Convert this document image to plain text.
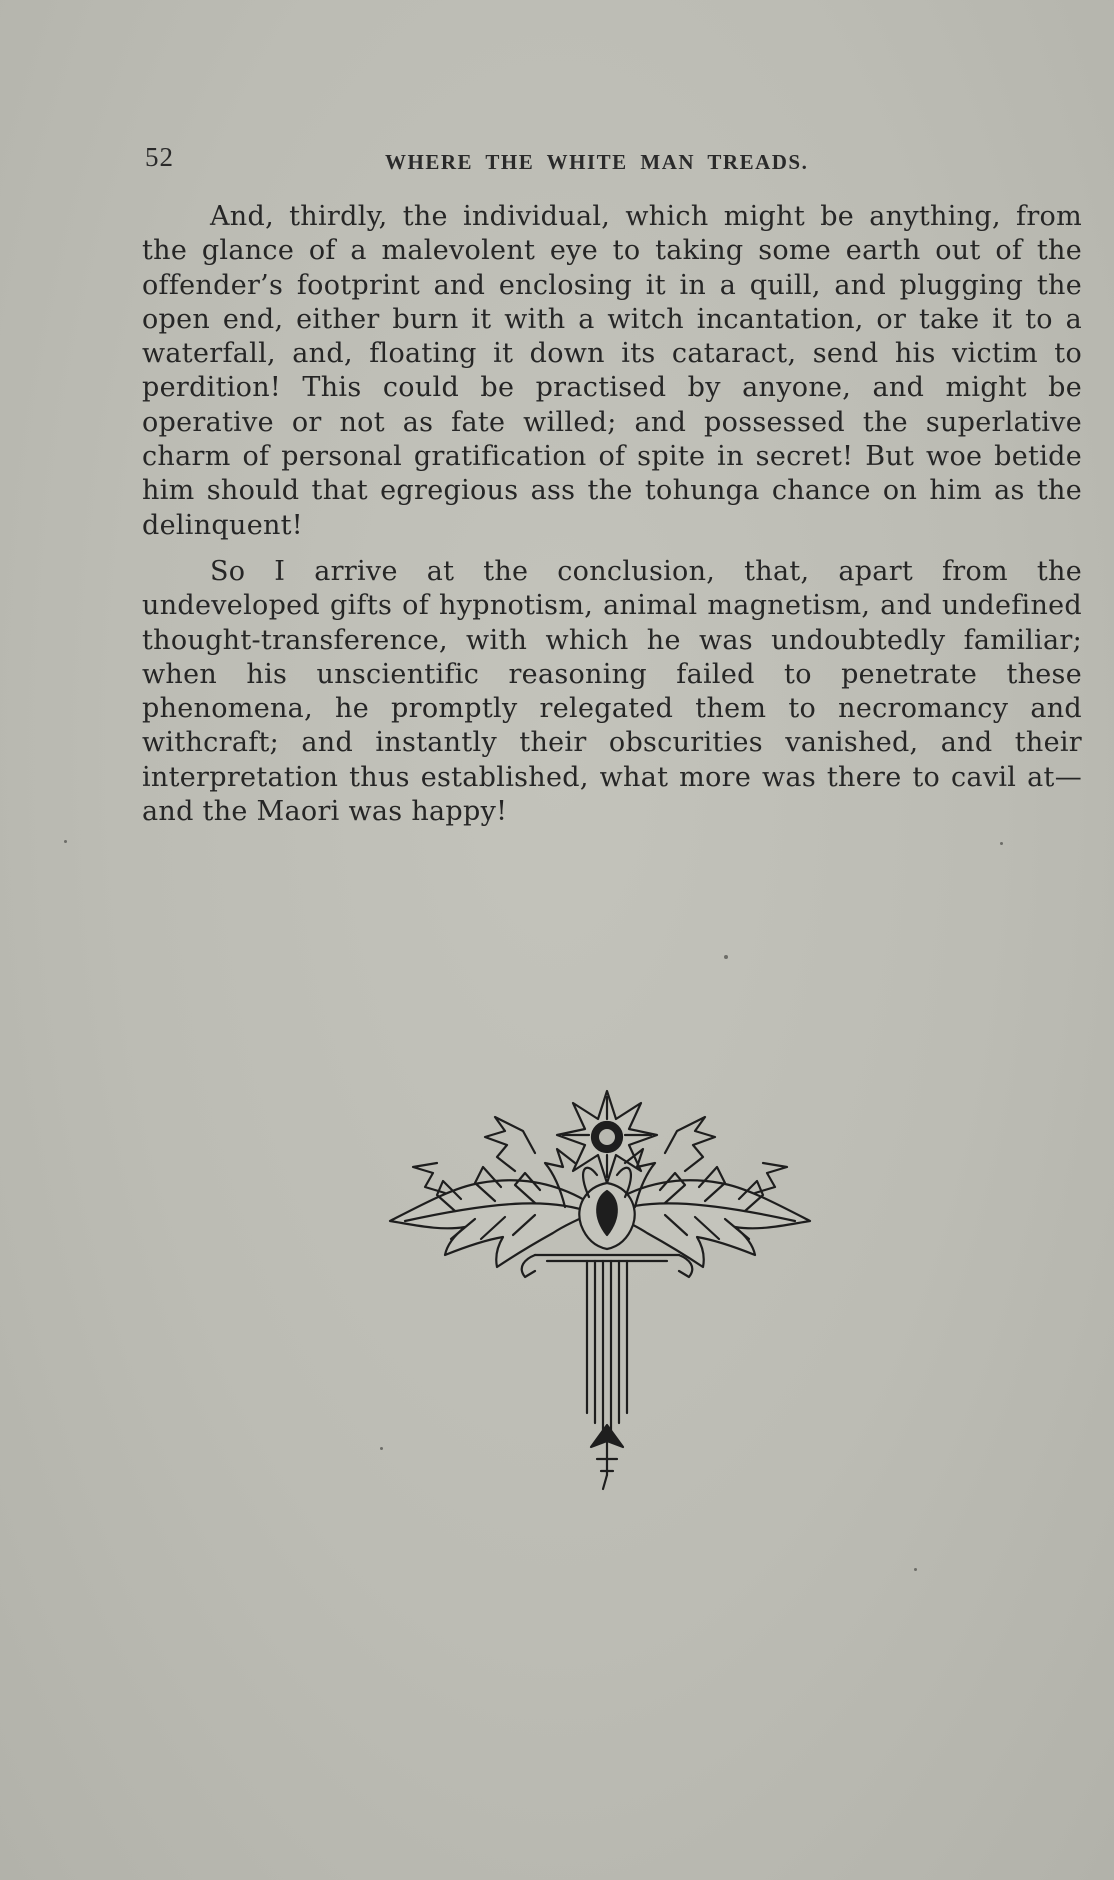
52	WHERE THE WHITE MAN TREADS.

And, thirdly, the individual, which might be anything, from the glance of a malevolent eye to taking some earth out of the offender’s footprint and enclosing it in a quill, and plugging the open end, either burn it with a witch incantation, or take it to a waterfall, and, floating it down its cataract, send his victim to perdition! This could be practised by anyone, and might be operative or not as fate willed; and possessed the superlative charm of personal gratification of spite in secret! But woe betide him should that egregious ass the tohunga chance on him as the delinquent!

So I arrive at the conclusion, that, apart from the undeveloped gifts of hypnotism, animal magnetism, and undefined thought-transference, with which he was undoubtedly familiar; when his unscientific reasoning failed to penetrate these phenomena, he promptly relegated them to necromancy and withcraft; and instantly their obscurities vanished, and their interpretation thus established, what more was there to cavil at—and the Maori was happy!
